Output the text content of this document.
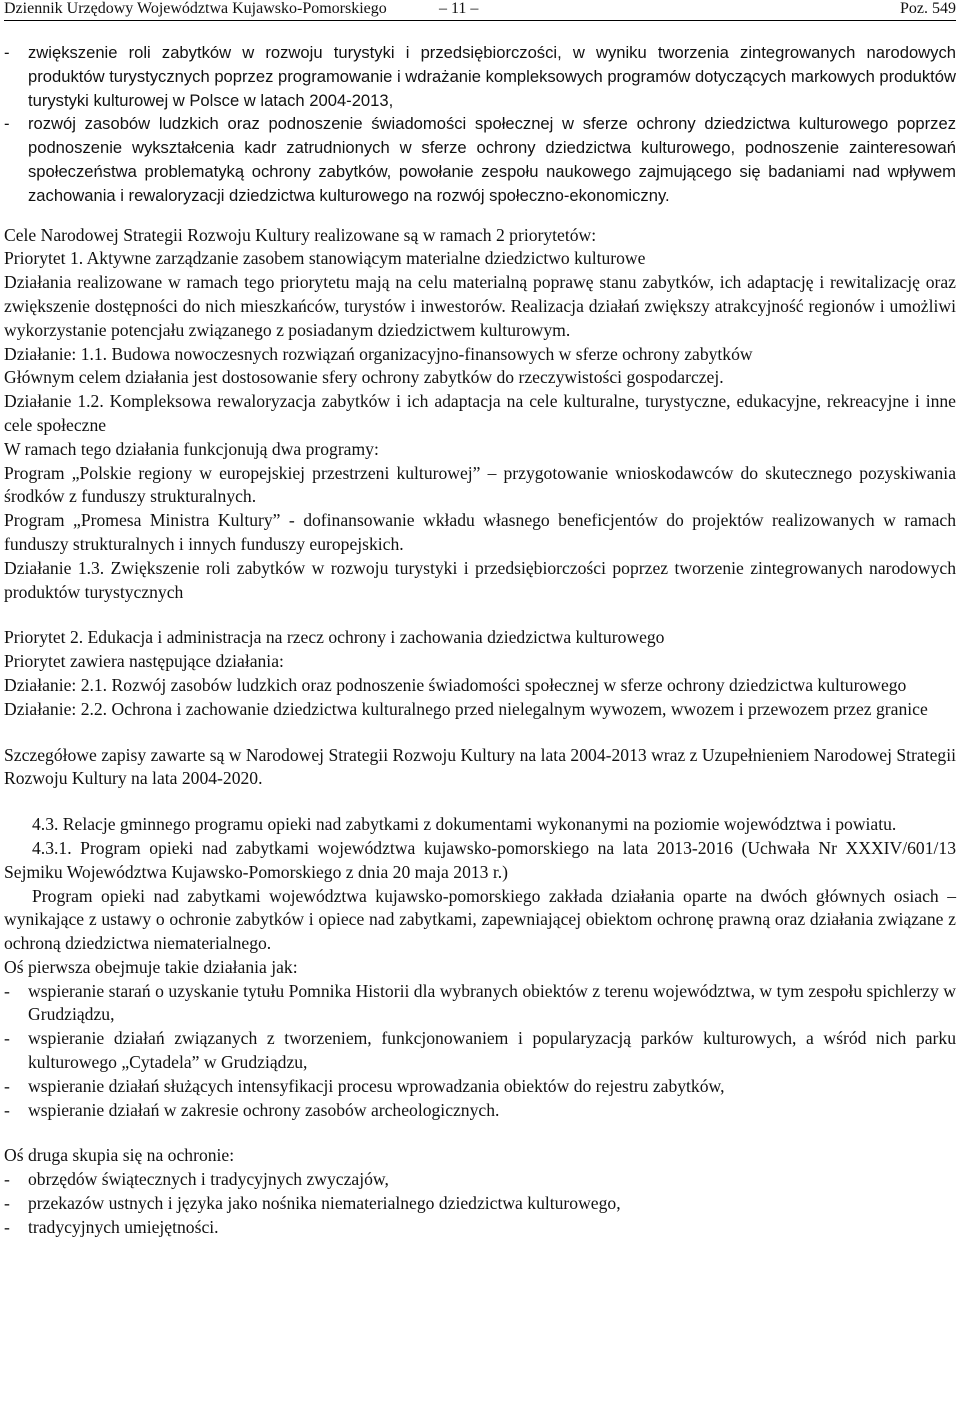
Dziennik Urzędowy Województwa Kujawsko-Pomorskiego	– 11 –	Poz. 549
-	zwiększenie roli zabytków w rozwoju turystyki i przedsiębiorczości, w wyniku tworzenia zintegrowanych narodowych produktów turystycznych poprzez programowanie i wdrażanie kompleksowych programów dotyczących markowych produktów turystyki kulturowej w Polsce w latach 2004-2013,
-	rozwój zasobów ludzkich oraz podnoszenie świadomości społecznej w sferze ochrony dziedzictwa kulturowego poprzez podnoszenie wykształcenia kadr zatrudnionych w sferze ochrony dziedzictwa kulturowego, podnoszenie zainteresowań społeczeństwa problematyką ochrony zabytków, powołanie zespołu naukowego zajmującego się badaniami nad wpływem zachowania i rewaloryzacji dziedzictwa kulturowego na rozwój społeczno-ekonomiczny.

Cele Narodowej Strategii Rozwoju Kultury realizowane są w ramach 2 priorytetów:

Priorytet 1. Aktywne zarządzanie zasobem stanowiącym materialne dziedzictwo kulturowe

Działania realizowane w ramach tego priorytetu mają na celu materialną poprawę stanu zabytków, ich adaptację i rewitalizację oraz zwiększenie dostępności do nich mieszkańców, turystów i inwestorów. Realizacja działań zwiększy atrakcyjność regionów i umożliwi wykorzystanie potencjału związanego z posiadanym dziedzictwem kulturowym.

Działanie: 1.1. Budowa nowoczesnych rozwiązań organizacyjno-finansowych w sferze ochrony zabytków

Głównym celem działania jest dostosowanie sfery ochrony zabytków do rzeczywistości gospodarczej.

Działanie 1.2. Kompleksowa rewaloryzacja zabytków i ich adaptacja na cele kulturalne, turystyczne, edukacyjne, rekreacyjne i inne cele społeczne

W ramach tego działania funkcjonują dwa programy:

Program „Polskie regiony w europejskiej przestrzeni kulturowej” – przygotowanie wnioskodawców do skutecznego pozyskiwania środków z funduszy strukturalnych.

Program „Promesa Ministra Kultury” - dofinansowanie wkładu własnego beneficjentów do projektów realizowanych w ramach funduszy strukturalnych i innych funduszy europejskich.

Działanie 1.3. Zwiększenie roli zabytków w rozwoju turystyki i przedsiębiorczości poprzez tworzenie zintegrowanych narodowych produktów turystycznych

Priorytet 2. Edukacja i administracja na rzecz ochrony i zachowania dziedzictwa kulturowego

Priorytet zawiera następujące działania:

Działanie: 2.1. Rozwój zasobów ludzkich oraz podnoszenie świadomości społecznej w sferze ochrony dziedzictwa kulturowego

Działanie: 2.2. Ochrona i zachowanie dziedzictwa kulturalnego przed nielegalnym wywozem, wwozem i przewozem przez granice

Szczegółowe zapisy zawarte są w Narodowej Strategii Rozwoju Kultury na lata 2004-2013 wraz z Uzupełnieniem Narodowej Strategii Rozwoju Kultury na lata 2004-2020.

4.3. Relacje gminnego programu opieki nad zabytkami z dokumentami wykonanymi na poziomie województwa i powiatu.

4.3.1. Program opieki nad zabytkami województwa kujawsko-pomorskiego na lata 2013-2016 (Uchwała Nr XXXIV/601/13 Sejmiku Województwa Kujawsko-Pomorskiego z dnia 20 maja 2013 r.)

Program opieki nad zabytkami województwa kujawsko-pomorskiego zakłada działania oparte na dwóch głównych osiach – wynikające z ustawy o ochronie zabytków i opiece nad zabytkami, zapewniającej obiektom ochronę prawną oraz działania związane z ochroną dziedzictwa niematerialnego.

Oś pierwsza obejmuje takie działania jak:

-	wspieranie starań o uzyskanie tytułu Pomnika Historii dla wybranych obiektów z terenu województwa, w tym zespołu spichlerzy w Grudziądzu,
-	wspieranie działań związanych z tworzeniem, funkcjonowaniem i popularyzacją parków kulturowych, a wśród nich parku kulturowego „Cytadela” w Grudziądzu,
-	wspieranie działań służących intensyfikacji procesu wprowadzania obiektów do rejestru zabytków,
-	wspieranie działań w zakresie ochrony zasobów archeologicznych.

Oś druga skupia się na ochronie:

-	obrzędów świątecznych i tradycyjnych zwyczajów,
-	przekazów ustnych i języka jako nośnika niematerialnego dziedzictwa kulturowego,
-	tradycyjnych umiejętności.
